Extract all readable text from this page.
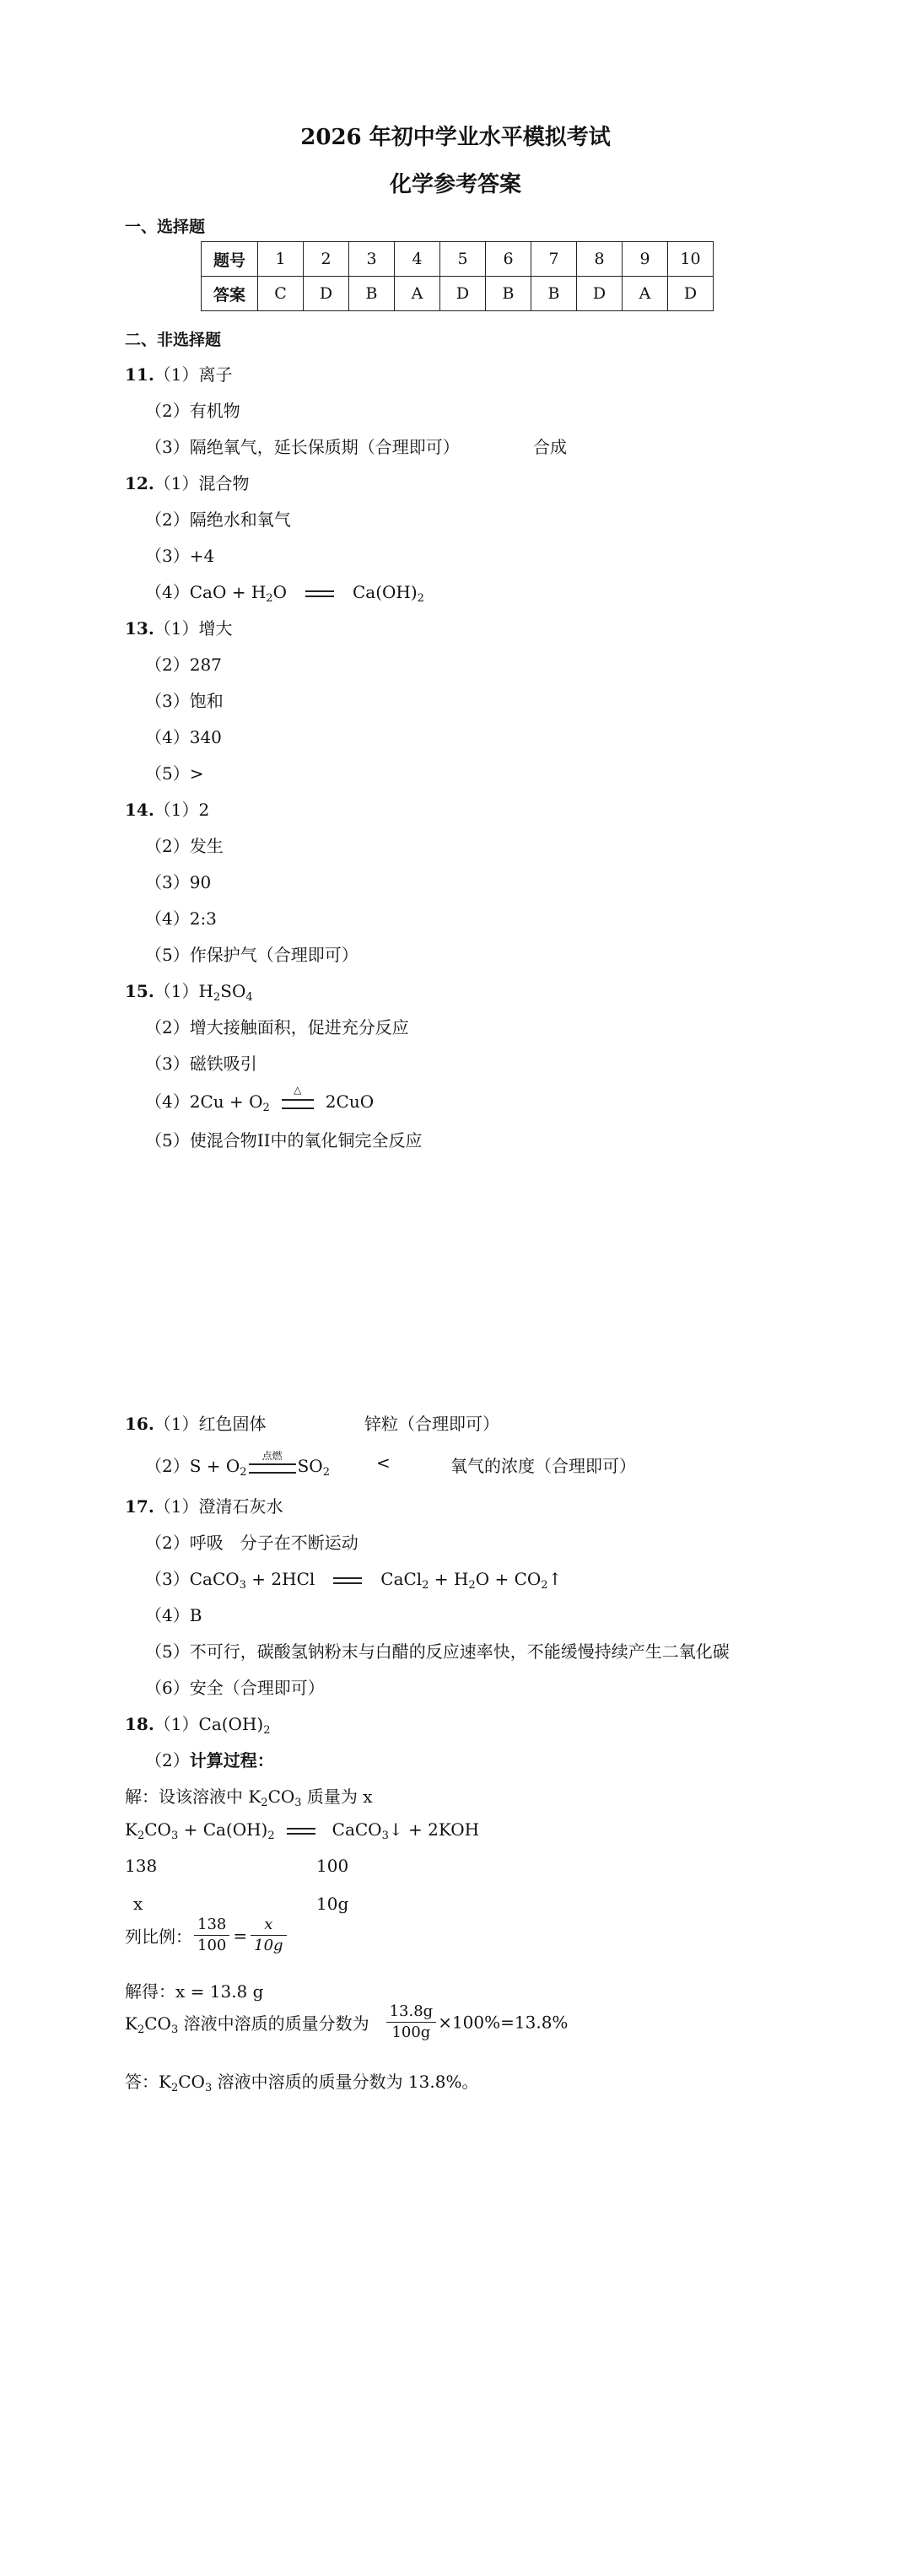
2026 年初中学业水平模拟考试
化学参考答案
一、选择题
题号	1	2	3	4	5	6	7	8	9	10
答案	C	D	B	A	D	B	B	D	A	D
二、非选择题
11.（1）离子
（2）有机物
（3）隔绝氧气，延长保质期（合理即可）	合成
12.（1）混合物
（2）隔绝水和氧气
（3）+4
$(4)CaO + H_2O$	$Ca(OH)_2$
13.（1）增大
（2）287
（3）饱和
（4）340
（5）>
14.（1）2
（2）发生
（3）90
（4）2:3
（5）作保护气（合理即可）
$15.(1)H_2SO_4$
（2）增大接触面积，促进充分反应
（3）磁铁吸引
$(4)2Cu + O_2$
△
2CuO
（5）使混合物II中的氧化铜完全反应
16.（1）红色固体	锌粒（合理即可）
$(2)S + O_2$
点燃
$SO_2$	<	氧气的浓度（合理即可）
17.（1）澄清石灰水
（2）呼吸　分子在不断运动
（3）CaCO$_3$ + 2HCl	CaCl$_2$ + $H_2O$ + $CO_2↑$
（4）B
（5）不可行，碳酸氢钠粉末与白醋的反应速率快，不能缓慢持续产生二氧化碳
（6）安全（合理即可）
$18.(1)Ca(OH)_2$
（2）计算过程：
解：设该溶液中 $K_2CO_3$ 质量为 x
$K_2CO_3 + Ca(OH)_2$	CaCO$_3$↓ + 2KOH
138	100
x	10g
列比例： $\frac{138}{100} = \frac{x}{10g}$
解得：x = 13.8 g
$K_2CO_3$ 溶液中溶质的质量分数为 $\frac{13.8g}{100g} \times 100\%=13.8\%$
答：$K_2CO_3$ 溶液中溶质的质量分数为 13.8%。
